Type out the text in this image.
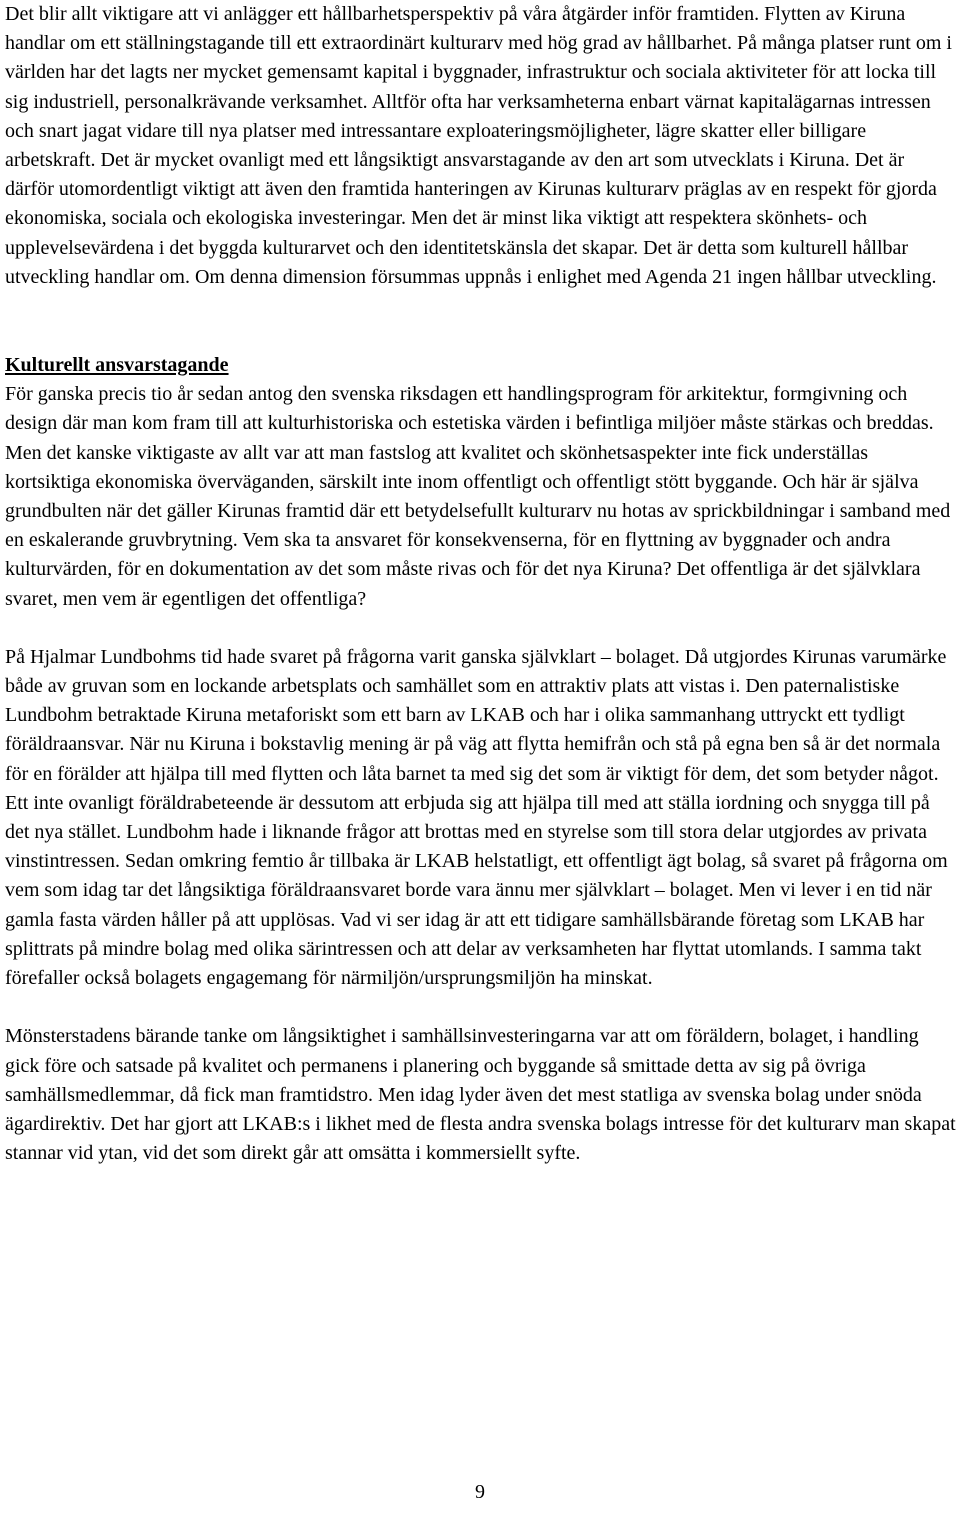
Det blir allt viktigare att vi anlägger ett hållbarhetsperspektiv på våra åtgärder inför framtiden. Flytten av Kiruna handlar om ett ställningstagande till ett extraordinärt kulturarv med hög grad av hållbarhet. På många platser runt om i världen har det lagts ner mycket gemensamt kapital i byggnader, infrastruktur och sociala aktiviteter för att locka till sig industriell, personalkrävande verksamhet. Alltför ofta har verksamheterna enbart värnat kapitalägarnas intressen och snart jagat vidare till nya platser med intressantare exploateringsmöjligheter, lägre skatter eller billigare arbetskraft. Det är mycket ovanligt med ett långsiktigt ansvarstagande av den art som utvecklats i Kiruna. Det är därför utomordentligt viktigt att även den framtida hanteringen av Kirunas kulturarv präglas av en respekt för gjorda ekonomiska, sociala och ekologiska investeringar. Men det är minst lika viktigt att respektera skönhets- och upplevelsevärdena i det byggda kulturarvet och den identitetskänsla det skapar. Det är detta som kulturell hållbar utveckling handlar om. Om denna dimension försummas uppnås i enlighet med Agenda 21 ingen hållbar utveckling.

Kulturellt ansvarstagande

För ganska precis tio år sedan antog den svenska riksdagen ett handlingsprogram för arkitektur, formgivning och design där man kom fram till att kulturhistoriska och estetiska värden i befintliga miljöer måste stärkas och breddas. Men det kanske viktigaste av allt var att man fastslog att kvalitet och skönhetsaspekter inte fick underställas kortsiktiga ekonomiska överväganden, särskilt inte inom offentligt och offentligt stött byggande. Och här är själva grundbulten när det gäller Kirunas framtid där ett betydelsefullt kulturarv nu hotas av sprickbildningar i samband med en eskalerande gruvbrytning. Vem ska ta ansvaret för konsekvenserna, för en flyttning av byggnader och andra kulturvärden, för en dokumentation av det som måste rivas och för det nya Kiruna? Det offentliga är det självklara svaret, men vem är egentligen det offentliga?

På Hjalmar Lundbohms tid hade svaret på frågorna varit ganska självklart – bolaget. Då utgjordes Kirunas varumärke både av gruvan som en lockande arbetsplats och samhället som en attraktiv plats att vistas i. Den paternalistiske Lundbohm betraktade Kiruna metaforiskt som ett barn av LKAB och har i olika sammanhang uttryckt ett tydligt föräldraansvar. När nu Kiruna i bokstavlig mening är på väg att flytta hemifrån och stå på egna ben så är det normala för en förälder att hjälpa till med flytten och låta barnet ta med sig det som är viktigt för dem, det som betyder något. Ett inte ovanligt föräldrabeteende är dessutom att erbjuda sig att hjälpa till med att ställa iordning och snygga till på det nya stället. Lundbohm hade i liknande frågor att brottas med en styrelse som till stora delar utgjordes av privata vinstintressen. Sedan omkring femtio år tillbaka är LKAB helstatligt, ett offentligt ägt bolag, så svaret på frågorna om vem som idag tar det långsiktiga föräldraansvaret borde vara ännu mer självklart – bolaget. Men vi lever i en tid när gamla fasta värden håller på att upplösas. Vad vi ser idag är att ett tidigare samhällsbärande företag som LKAB har splittrats på mindre bolag med olika särintressen och att delar av verksamheten har flyttat utomlands. I samma takt förefaller också bolagets engagemang för närmiljön/ursprungsmiljön ha minskat.

Mönsterstadens bärande tanke om långsiktighet i samhällsinvesteringarna var att om föräldern, bolaget, i handling gick före och satsade på kvalitet och permanens i planering och byggande så smittade detta av sig på övriga samhällsmedlemmar, då fick man framtidstro. Men idag lyder även det mest statliga av svenska bolag under snöda ägardirektiv. Det har gjort att LKAB:s i likhet med de flesta andra svenska bolags intresse för det kulturarv man skapat stannar vid ytan, vid det som direkt går att omsätta i kommersiellt syfte.

9
